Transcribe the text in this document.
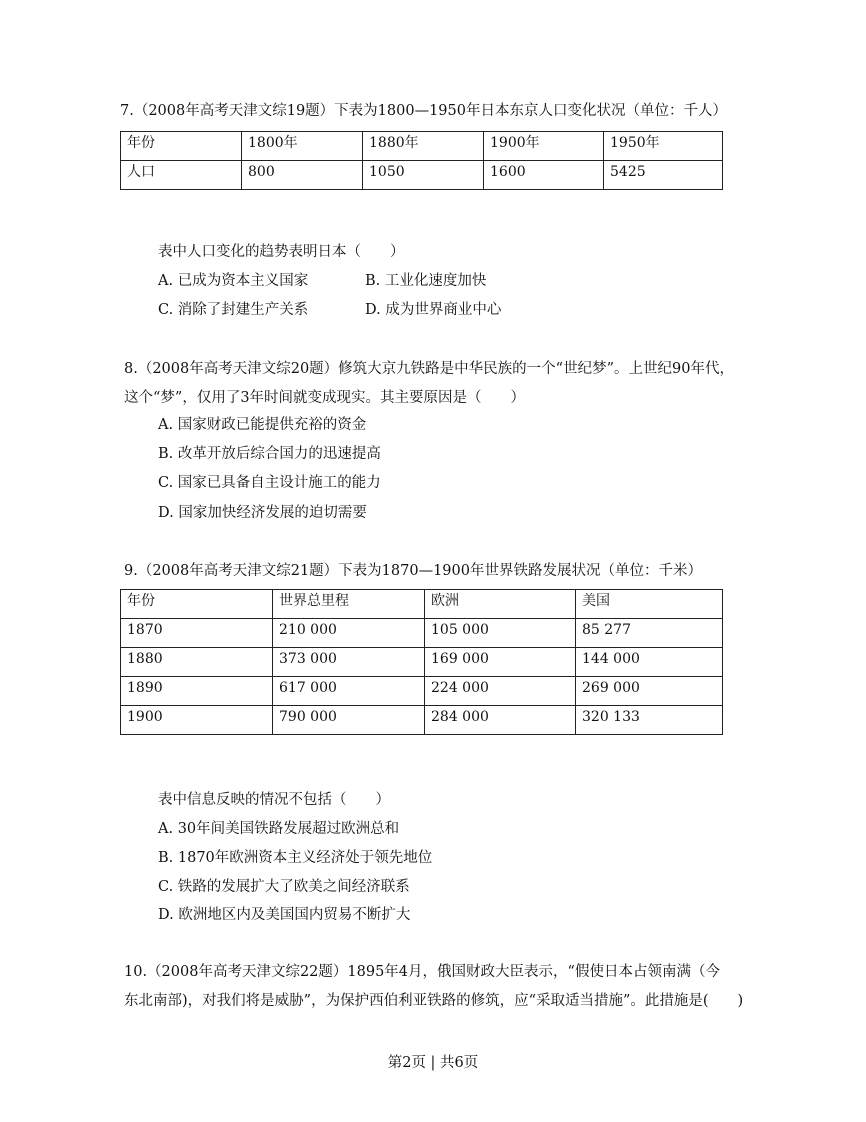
7.（2008年高考天津文综19题）下表为1800—1950年日本东京人口变化状况（单位：千人）
年份	1800年	1880年	1900年	1950年
人口	800	1050	1600	5425
表中人口变化的趋势表明日本（　　）
A. 已成为资本主义国家	B. 工业化速度加快
C. 消除了封建生产关系	D. 成为世界商业中心
8.（2008年高考天津文综20题）修筑大京九铁路是中华民族的一个“世纪梦”。上世纪90年代，
这个“梦”，仅用了3年时间就变成现实。其主要原因是（　　）
A. 国家财政已能提供充裕的资金
B. 改革开放后综合国力的迅速提高
C. 国家已具备自主设计施工的能力
D. 国家加快经济发展的迫切需要
9.（2008年高考天津文综21题）下表为1870—1900年世界铁路发展状况（单位：千米）
年份	世界总里程	欧洲	美国
1870	210 000	105 000	85 277
1880	373 000	169 000	144 000
1890	617 000	224 000	269 000
1900	790 000	284 000	320 133
表中信息反映的情况不包括（　　）
A. 30年间美国铁路发展超过欧洲总和
B. 1870年欧洲资本主义经济处于领先地位
C. 铁路的发展扩大了欧美之间经济联系
D. 欧洲地区内及美国国内贸易不断扩大
10.（2008年高考天津文综22题）1895年4月，俄国财政大臣表示，“假使日本占领南满（今
东北南部)，对我们将是威胁”，为保护西伯利亚铁路的修筑，应“采取适当措施”。此措施是(　　)
第2页 | 共6页
